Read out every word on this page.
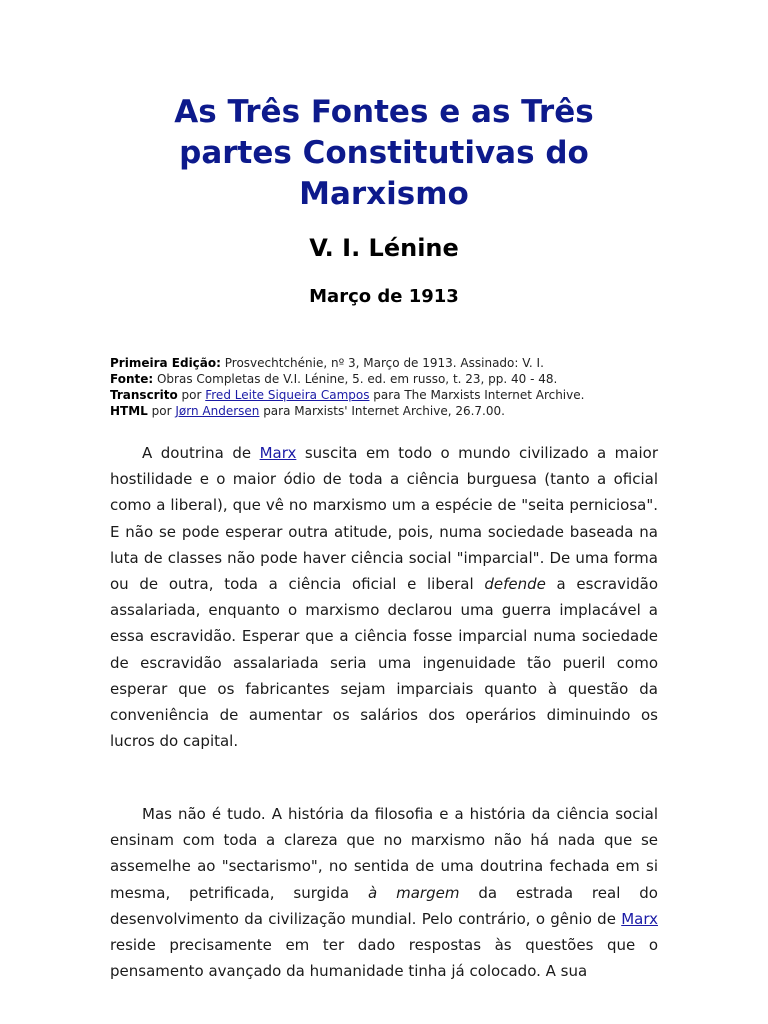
As Três Fontes e as Três
partes Constitutivas do
Marxismo
V. I. Lénine
Março de 1913
Primeira Edição: Prosvechtchénie, nº 3, Março de 1913. Assinado: V. I.
Fonte: Obras Completas de V.I. Lénine, 5. ed. em russo, t. 23, pp. 40 - 48.
Transcrito por Fred Leite Siqueira Campos para The Marxists Internet Archive.
HTML por Jørn Andersen para Marxists' Internet Archive, 26.7.00.

A doutrina de Marx suscita em todo o mundo civilizado a maior hostilidade e o maior ódio de toda a ciência burguesa (tanto a oficial como a liberal), que vê no marxismo um a espécie de "seita perniciosa". E não se pode esperar outra atitude, pois, numa sociedade baseada na luta de classes não pode haver ciência social "imparcial". De uma forma ou de outra, toda a ciência oficial e liberal defende a escravidão assalariada, enquanto o marxismo declarou uma guerra implacável a essa escravidão. Esperar que a ciência fosse imparcial numa sociedade de escravidão assalariada seria uma ingenuidade tão pueril como esperar que os fabricantes sejam imparciais quanto à questão da conveniência de aumentar os salários dos operários diminuindo os lucros do capital.

Mas não é tudo. A história da filosofia e a história da ciência social ensinam com toda a clareza que no marxismo não há nada que se assemelhe ao "sectarismo", no sentida de uma doutrina fechada em si mesma, petrificada, surgida à margem da estrada real do desenvolvimento da civilização mundial. Pelo contrário, o gênio de Marx reside precisamente em ter dado respostas às questões que o pensamento avançado da humanidade tinha já colocado. A sua
